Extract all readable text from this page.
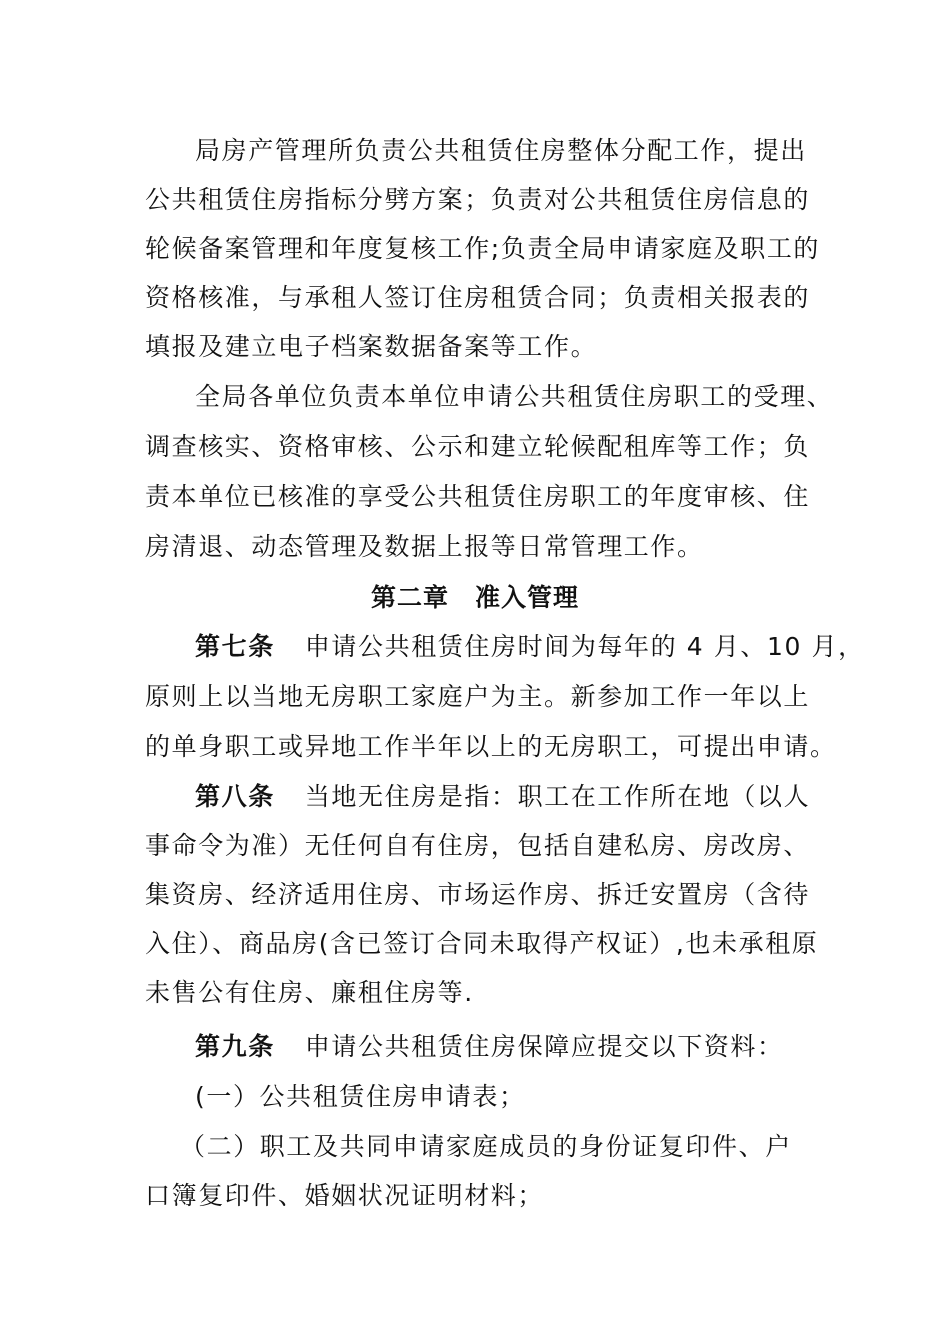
局房产管理所负责公共租赁住房整体分配工作，提出
公共租赁住房指标分劈方案；负责对公共租赁住房信息的
轮候备案管理和年度复核工作;负责全局申请家庭及职工的
资格核准，与承租人签订住房租赁合同；负责相关报表的
填报及建立电子档案数据备案等工作。
全局各单位负责本单位申请公共租赁住房职工的受理、
调查核实、资格审核、公示和建立轮候配租库等工作；负
责本单位已核准的享受公共租赁住房职工的年度审核、住
房清退、动态管理及数据上报等日常管理工作。
第二章　准入管理
第七条 申请公共租赁住房时间为每年的 4 月、10 月，
原则上以当地无房职工家庭户为主。新参加工作一年以上
的单身职工或异地工作半年以上的无房职工，可提出申请。
第八条 当地无住房是指：职工在工作所在地（以人
事命令为准）无任何自有住房，包括自建私房、房改房、
集资房、经济适用住房、市场运作房、拆迁安置房（含待
入住）、商品房(含已签订合同未取得产权证）,也未承租原
未售公有住房、廉租住房等.
第九条 申请公共租赁住房保障应提交以下资料：
(一）公共租赁住房申请表；
（二）职工及共同申请家庭成员的身份证复印件、户
口簿复印件、婚姻状况证明材料；
